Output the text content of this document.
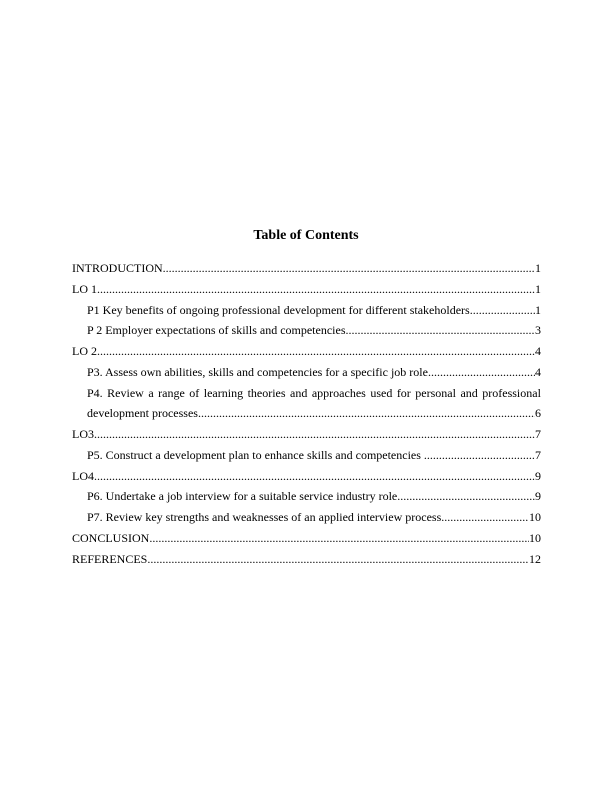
Table of Contents
INTRODUCTION .....	1
LO 1 .....	1
P1 Key benefits of ongoing professional development for different stakeholders .....	1
P 2 Employer expectations of skills and competencies .....	3
LO 2 .....	4
P3. Assess own abilities, skills and competencies for a specific job role .....	4
P4. Review a range of learning theories and approaches used for personal and professional
development processes .....	6
LO3 .....	7
P5. Construct a development plan to enhance skills and competencies .....	7
LO4 .....	9
P6. Undertake a job interview for a suitable service industry role .....	9
P7. Review key strengths and weaknesses of an applied interview process .....	10
CONCLUSION .....	10
REFERENCES .....	12
